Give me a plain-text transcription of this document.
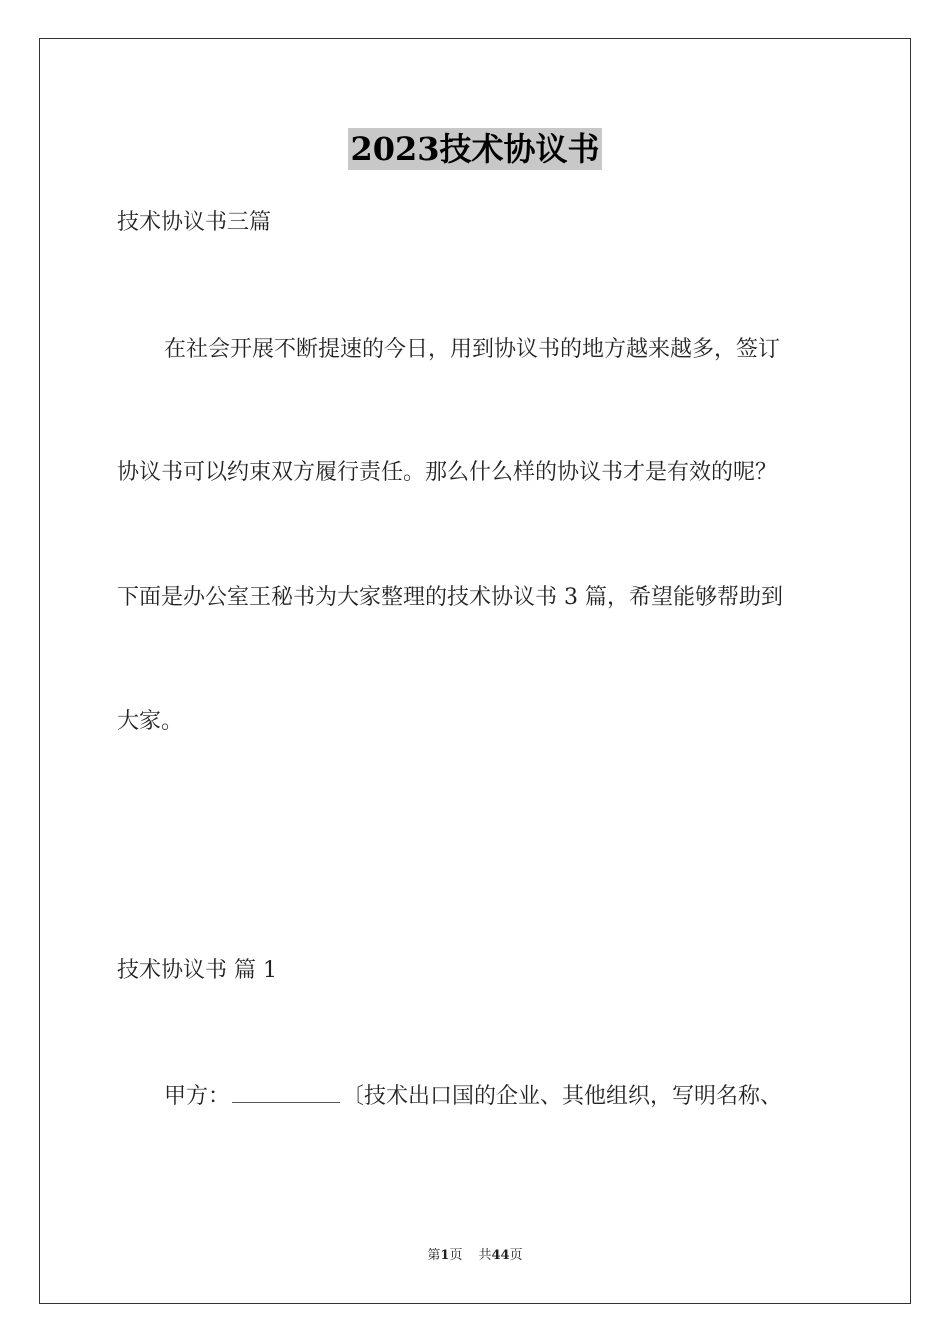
2023技术协议书
技术协议书三篇
在社会开展不断提速的今日，用到协议书的地方越来越多，签订
协议书可以约束双方履行责任。那么什么样的协议书才是有效的呢？
下面是办公室王秘书为大家整理的技术协议书 3 篇，希望能够帮助到
大家。
技术协议书 篇 1
甲方：	〔技术出口国的企业、其他组织，写明名称、
第1页 共44页
